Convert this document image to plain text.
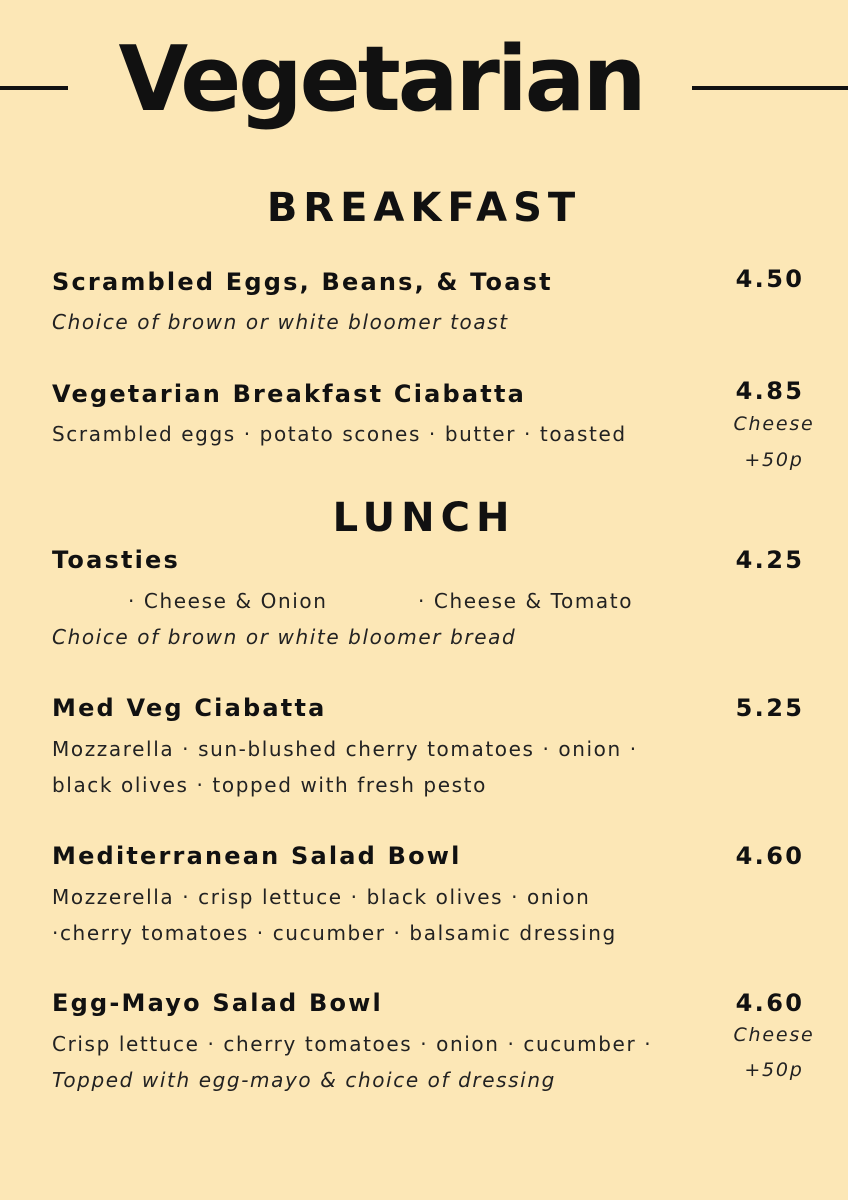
Vegetarian
BREAKFAST
Scrambled Eggs, Beans, & Toast	4.50
Choice of brown or white bloomer toast
Vegetarian Breakfast Ciabatta	4.85
Scrambled eggs · potato scones · butter · toasted	Cheese
+50p
LUNCH
Toasties	4.25
· Cheese & Onion	· Cheese & Tomato
Choice of brown or white bloomer bread
Med Veg Ciabatta	5.25
Mozzarella · sun-blushed cherry tomatoes · onion ·
black olives · topped with fresh pesto
Mediterranean Salad Bowl	4.60
Mozzerella · crisp lettuce · black olives · onion
·cherry tomatoes · cucumber · balsamic dressing
Egg-Mayo Salad Bowl	4.60
Crisp lettuce · cherry tomatoes · onion · cucumber ·
Topped with egg-mayo & choice of dressing
Cheese
+50p
